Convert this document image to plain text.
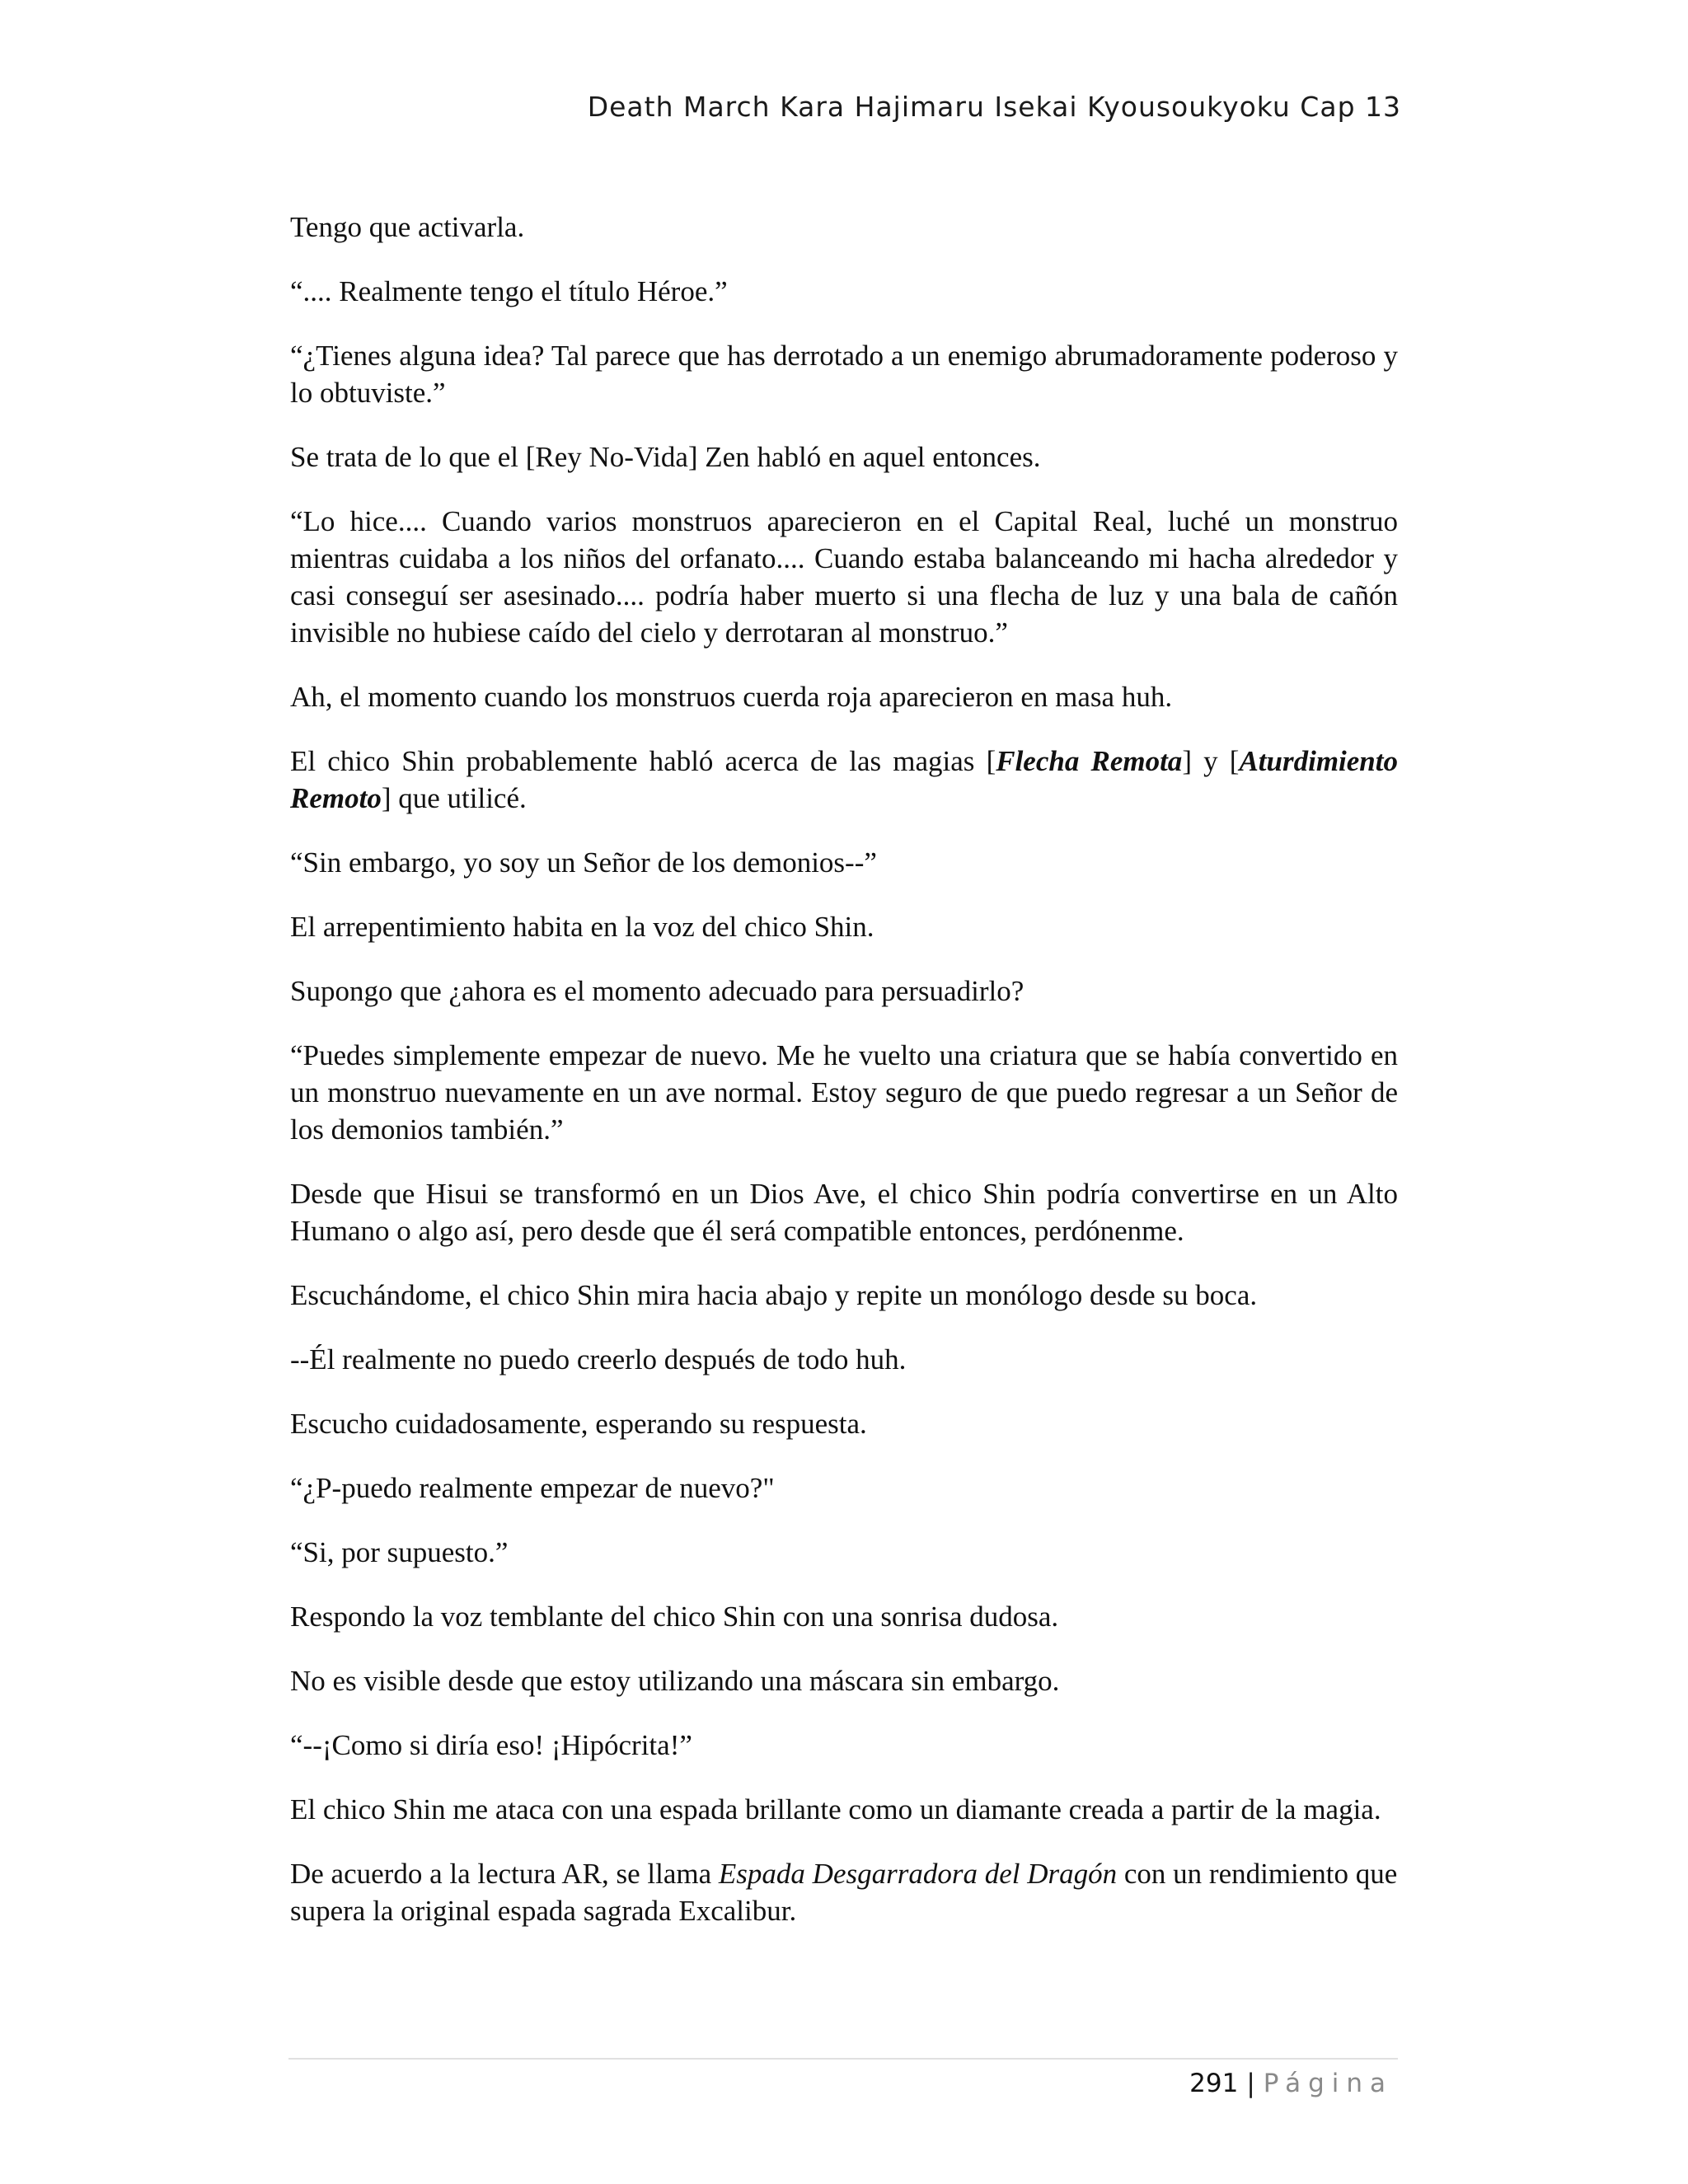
Death March Kara Hajimaru Isekai Kyousoukyoku Cap 13

Tengo que activarla.

“.... Realmente tengo el título Héroe.”

“¿Tienes alguna idea? Tal parece que has derrotado a un enemigo abrumadoramente poderoso y lo obtuviste.”

Se trata de lo que el [Rey No-Vida] Zen habló en aquel entonces.

“Lo hice.... Cuando varios monstruos aparecieron en el Capital Real, luché un monstruo mientras cuidaba a los niños del orfanato.... Cuando estaba balanceando mi hacha alrededor y casi conseguí ser asesinado.... podría haber muerto si una flecha de luz y una bala de cañón invisible no hubiese caído del cielo y derrotaran al monstruo.”

Ah, el momento cuando los monstruos cuerda roja aparecieron en masa huh.

El chico Shin probablemente habló acerca de las magias [Flecha Remota] y [Aturdimiento Remoto] que utilicé.

“Sin embargo, yo soy un Señor de los demonios--”

El arrepentimiento habita en la voz del chico Shin.

Supongo que ¿ahora es el momento adecuado para persuadirlo?

“Puedes simplemente empezar de nuevo. Me he vuelto una criatura que se había convertido en un monstruo nuevamente en un ave normal. Estoy seguro de que puedo regresar a un Señor de los demonios también.”

Desde que Hisui se transformó en un Dios Ave, el chico Shin podría convertirse en un Alto Humano o algo así, pero desde que él será compatible entonces, perdónenme.

Escuchándome, el chico Shin mira hacia abajo y repite un monólogo desde su boca.

--Él realmente no puedo creerlo después de todo huh.

Escucho cuidadosamente, esperando su respuesta.

“¿P-puedo realmente empezar de nuevo?"

“Si, por supuesto.”

Respondo la voz temblante del chico Shin con una sonrisa dudosa.

No es visible desde que estoy utilizando una máscara sin embargo.

“--¡Como si diría eso! ¡Hipócrita!”

El chico Shin me ataca con una espada brillante como un diamante creada a partir de la magia.

De acuerdo a la lectura AR, se llama Espada Desgarradora del Dragón con un rendimiento que supera la original espada sagrada Excalibur.

291 | Página
